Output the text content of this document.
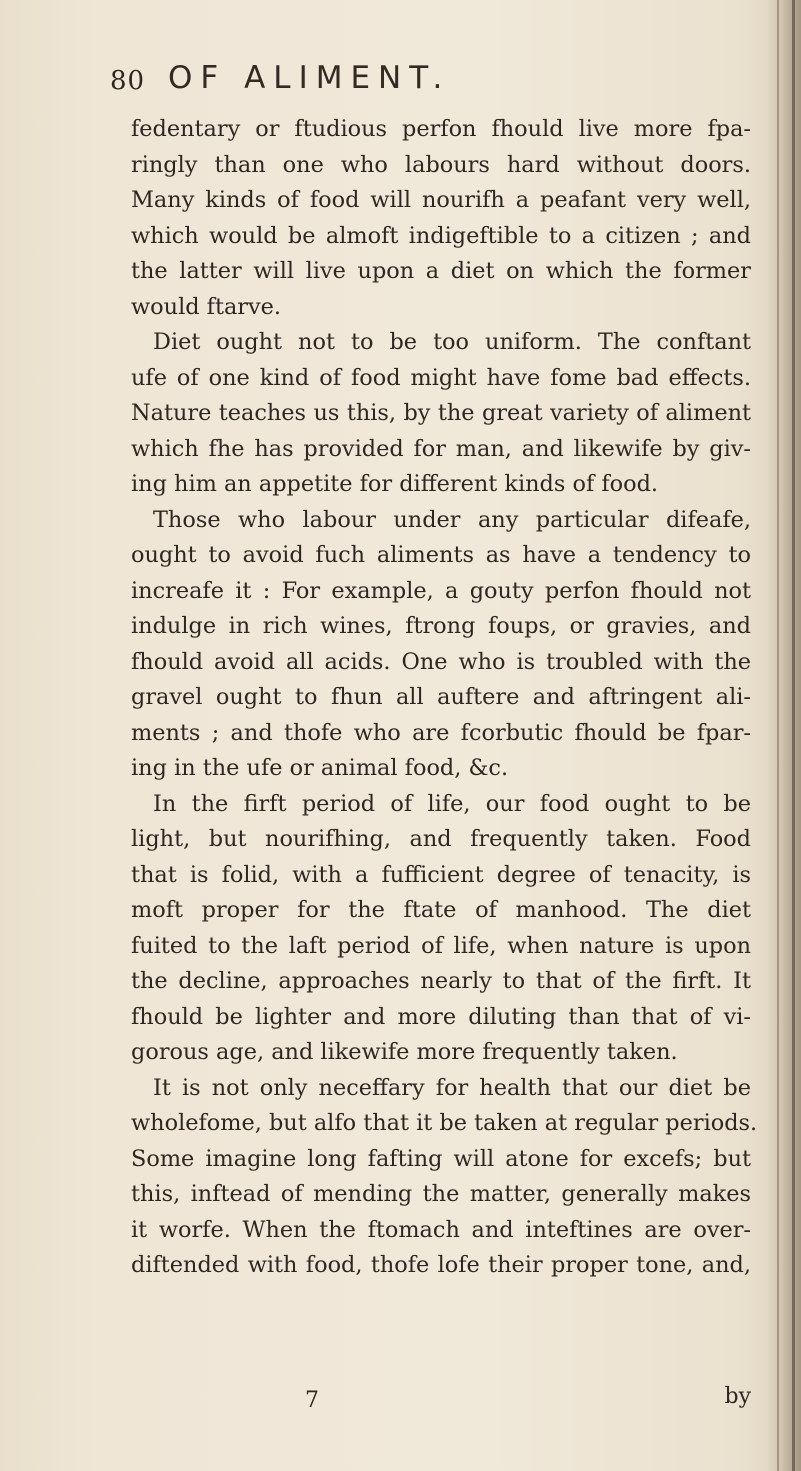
80 OF ALIMENT.
fedentary or ftudious perfon fhould live more fpa-
ringly than one who labours hard without doors.
Many kinds of food will nourifh a peafant very well,
which would be almoft indigeftible to a citizen ; and
the latter will live upon a diet on which the former
would ftarve.
Diet ought not to be too uniform. The conftant
ufe of one kind of food might have fome bad effects.
Nature teaches us this, by the great variety of aliment
which fhe has provided for man, and likewife by giv-
ing him an appetite for different kinds of food.
Those who labour under any particular difeafe,
ought to avoid fuch aliments as have a tendency to
increafe it : For example, a gouty perfon fhould not
indulge in rich wines, ftrong foups, or gravies, and
fhould avoid all acids. One who is troubled with the
gravel ought to fhun all auftere and aftringent ali-
ments ; and thofe who are fcorbutic fhould be fpar-
ing in the ufe or animal food, &c.
In the firft period of life, our food ought to be
light, but nourifhing, and frequently taken. Food
that is folid, with a fufficient degree of tenacity, is
moft proper for the ftate of manhood. The diet
fuited to the laft period of life, when nature is upon
the decline, approaches nearly to that of the firft. It
fhould be lighter and more diluting than that of vi-
gorous age, and likewife more frequently taken.
It is not only neceffary for health that our diet be
wholefome, but alfo that it be taken at regular periods.
Some imagine long fafting will atone for excefs; but
this, inftead of mending the matter, generally makes
it worfe. When the ftomach and inteftines are over-
diftended with food, thofe lofe their proper tone, and,
7	by
